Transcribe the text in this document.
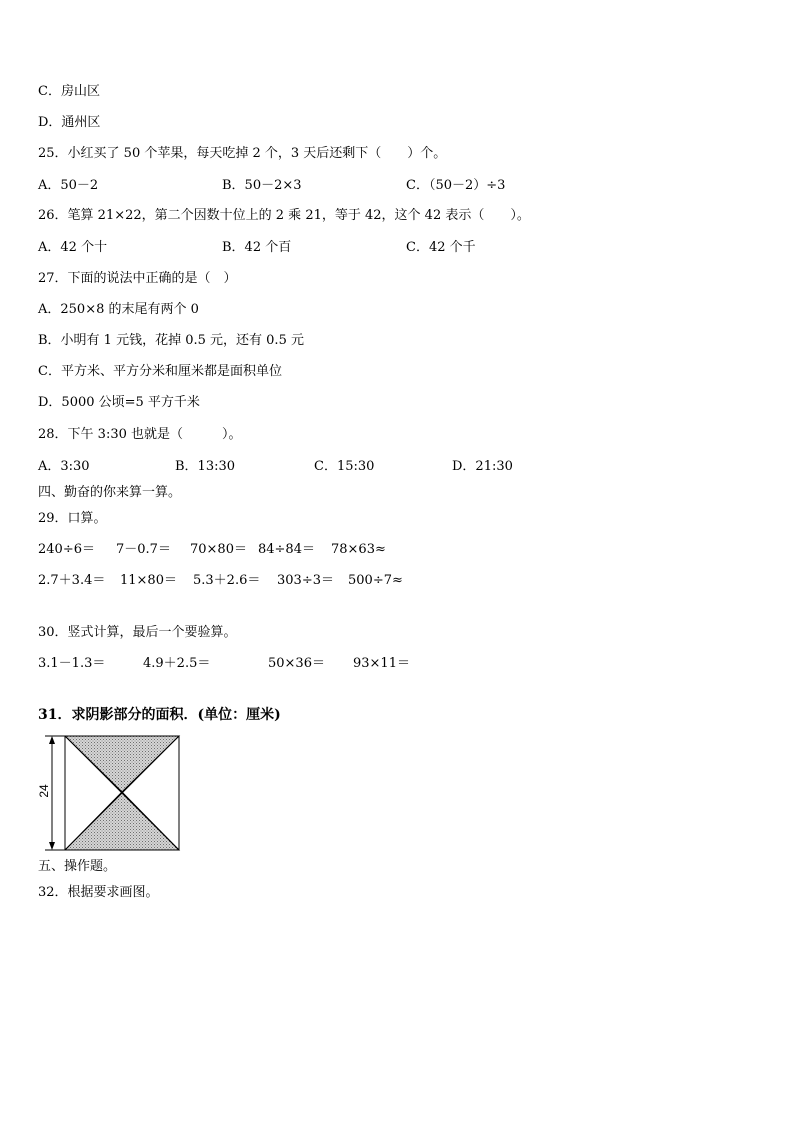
C．房山区
D．通州区
25．小红买了 50 个苹果，每天吃掉 2 个，3 天后还剩下（　　）个。
A．50－2	B．50－2×3	C．（50－2）÷3
26．笔算 21×22，第二个因数十位上的 2 乘 21，等于 42，这个 42 表示（　　）。
A．42 个十	B．42 个百	C．42 个千
27．下面的说法中正确的是（　）
A．250×8 的末尾有两个 0
B．小明有 1 元钱，花掉 0.5 元，还有 0.5 元
C．平方米、平方分米和厘米都是面积单位
D．5000 公顷=5 平方千米
28．下午 3:30 也就是（　　　）。
A．3:30	B．13:30	C．15:30	D．21:30
四、勤奋的你来算一算。
29．口算。
240÷6＝ 7－0.7＝ 70×80＝ 84÷84＝ 78×63≈
2.7＋3.4＝ 11×80＝ 5.3＋2.6＝ 303÷3＝ 500÷7≈
30．竖式计算，最后一个要验算。
3.1－1.3＝	4.9＋2.5＝	50×36＝ 93×11＝
31．求阴影部分的面积．(单位：厘米)
24
五、操作题。
32．根据要求画图。
